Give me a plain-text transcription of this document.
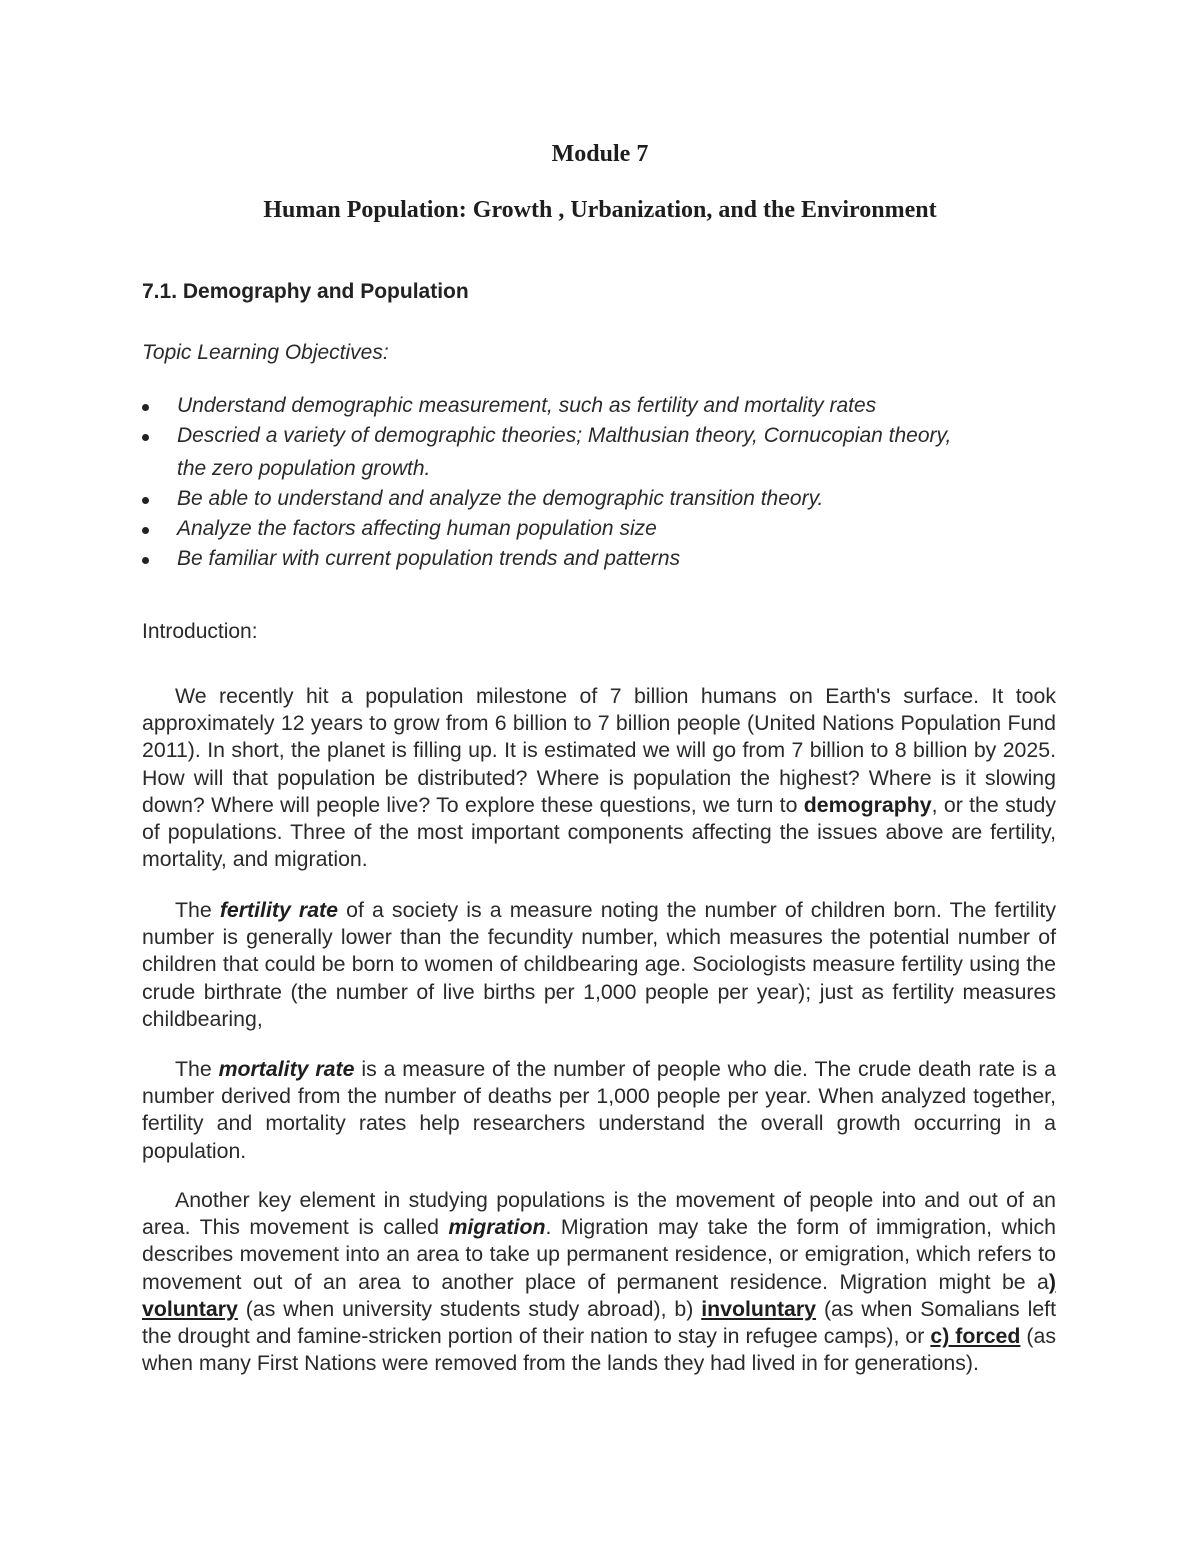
Module 7
Human Population: Growth , Urbanization, and the Environment
7.1. Demography and Population
Topic Learning Objectives:
Understand demographic measurement, such as fertility and mortality rates
Descried a variety of demographic theories; Malthusian theory, Cornucopian theory,
the zero population growth.
Be able to understand and analyze the demographic transition theory.
Analyze the factors affecting human population size
Be familiar with current population trends and patterns
Introduction:

We recently hit a population milestone of 7 billion humans on Earth's surface. It took approximately 12 years to grow from 6 billion to 7 billion people (United Nations Population Fund 2011). In short, the planet is filling up. It is estimated we will go from 7 billion to 8 billion by 2025. How will that population be distributed? Where is population the highest? Where is it slowing down? Where will people live? To explore these questions, we turn to demography, or the study of populations. Three of the most important components affecting the issues above are fertility, mortality, and migration.

The fertility rate of a society is a measure noting the number of children born. The fertility number is generally lower than the fecundity number, which measures the potential number of children that could be born to women of childbearing age. Sociologists measure fertility using the crude birthrate (the number of live births per 1,000 people per year); just as fertility measures childbearing,

The mortality rate is a measure of the number of people who die. The crude death rate is a number derived from the number of deaths per 1,000 people per year. When analyzed together, fertility and mortality rates help researchers understand the overall growth occurring in a population.

Another key element in studying populations is the movement of people into and out of an area. This movement is called migration. Migration may take the form of immigration, which describes movement into an area to take up permanent residence, or emigration, which refers to movement out of an area to another place of permanent residence. Migration might be a) voluntary (as when university students study abroad), b) involuntary (as when Somalians left the drought and famine-stricken portion of their nation to stay in refugee camps), or c) forced (as when many First Nations were removed from the lands they had lived in for generations).
